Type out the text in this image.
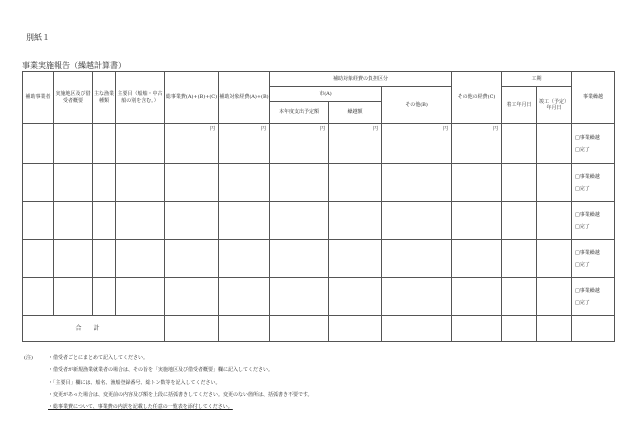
別紙１
事業実施報告（繰越計算書）
補助事業者	実施地区及び借受者概要	主な漁業種類	主要目（船舶・中古船の別を含む。）	総事業費(A)+(B)+(C)	補助対象経費(A)+(B)	補助対象経費の負担区分			その他の経費(C)	工期		事業繰越
						市(A)		その他(B)		着工年月日	竣工（予定）年月日	
						本年度支出予定額	繰越額					
				円	円	円	円	円	円			□事業繰越
□完了
												□事業繰越
□完了
												□事業繰越
□完了
												□事業繰越
□完了
												□事業繰越
□完了
合計												
(注)	・借受者ごとにまとめて記入してください。
・借受者が新規漁業就業者の場合は、その旨を「実施地区及び借受者概要」欄に記入してください。
・「主要目」欄には、船名、漁船登録番号、総トン数等を記入してください。
・変更があった場合は、変更前の内容及び額を上段に括弧書きしてください。変更のない箇所は、括弧書き不要です。
・総事業費について、事業費の内訳を記載した任意の一覧表を添付してください。
